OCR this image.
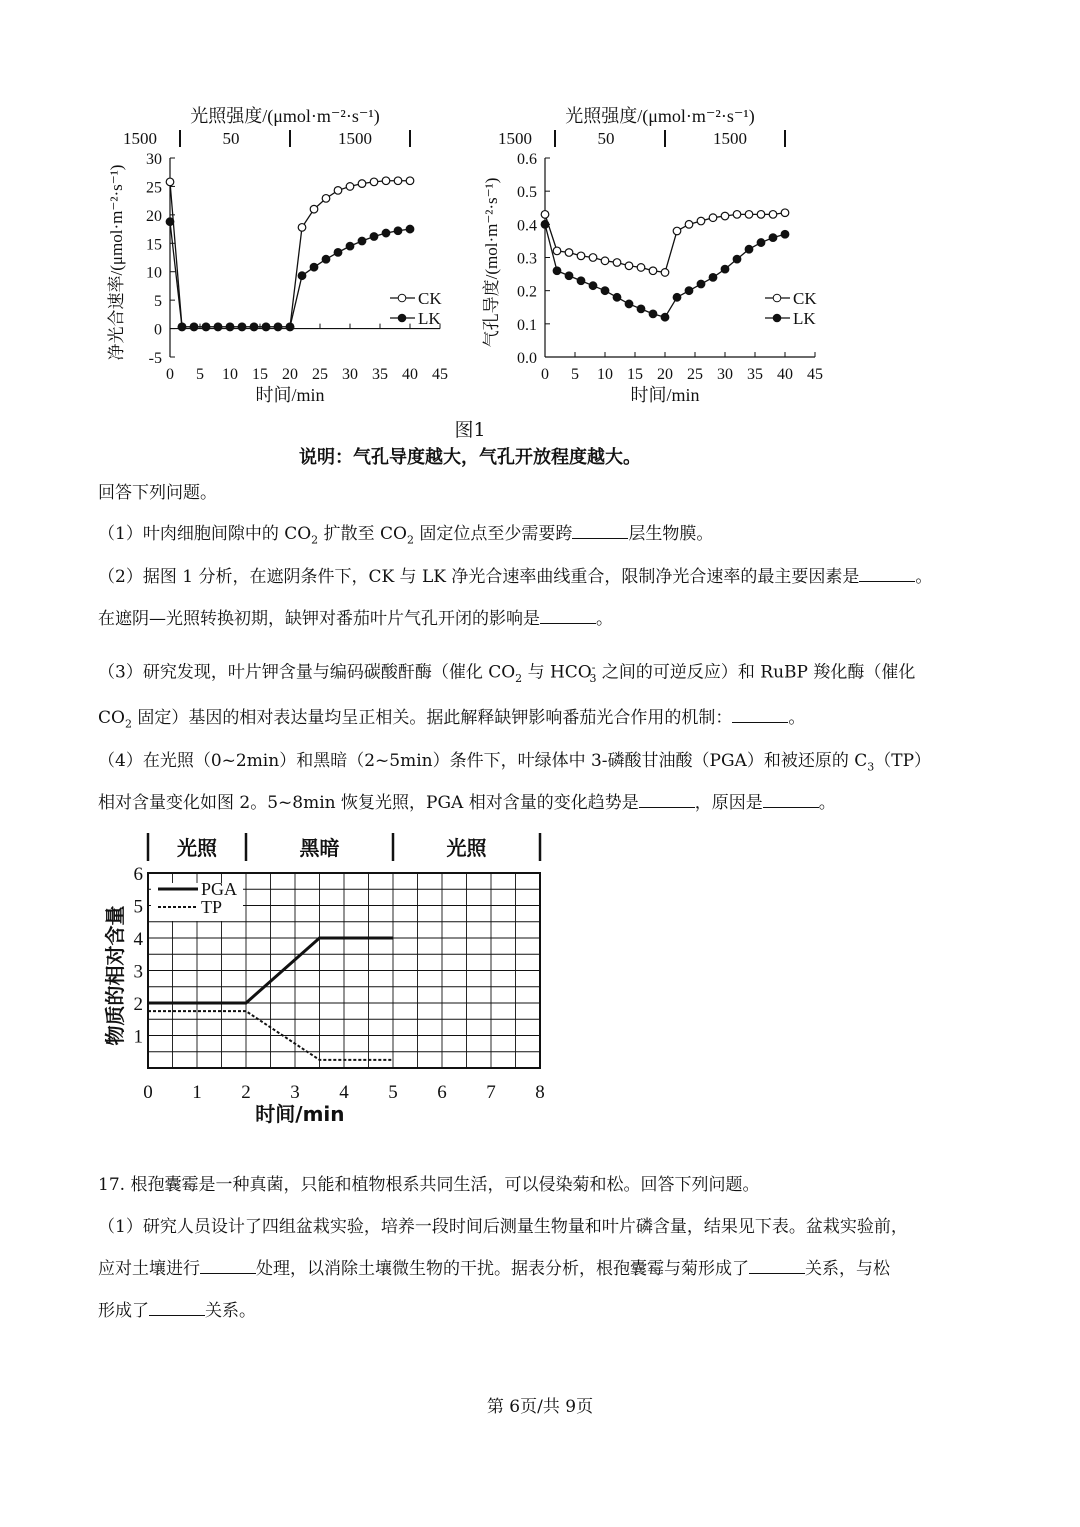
光照强度/(μmol·m⁻²·s⁻¹)
1500	50	1500
-5
0
5
10
15
20
25
30
0 5 10 15 20 25 30 35 40 45
时间/min
净光合速率/(μmol·m⁻²·s⁻¹)	CK
LK
光照强度/(μmol·m⁻²·s⁻¹)
1500	50	1500
0.0
0.1
0.2
0.3
0.4
0.5
0.6
0 5 10 15 20 25 30 35 40 45
时间/min
气孔导度/(mol·m⁻²·s⁻¹)	CK
LK
图1
说明：气孔导度越大，气孔开放程度越大。
回答下列问题。
（1）叶肉细胞间隙中的 $CO_2$ 扩散至 $CO_2$ 固定位点至少需要跨	层生物膜。
（2）据图 1 分析，在遮阴条件下，CK 与 LK 净光合速率曲线重合，限制净光合速率的最主要因素是	。
在遮阴—光照转换初期，缺钾对番茄叶片气孔开闭的影响是	。
（3）研究发现，叶片钾含量与编码碳酸酐酶（催化 $CO_2$ 与 $HCO^-_3$ 之间的可逆反应）和 RuBP 羧化酶（催化
$CO_2$ 固定）基因的相对表达量均呈正相关。据此解释缺钾影响番茄光合作用的机制：	。
（4）在光照（0~2min）和黑暗（2~5min）条件下，叶绿体中 3-磷酸甘油酸（PGA）和被还原的 $C_3(TP)$
相对含量变化如图 2。5~8min 恢复光照，PGA 相对含量的变化趋势是	，原因是	。
光照	黑暗	光照
1
2
3
4
5
6
0 1 2 3 4 5 6 7 8
时间/min
物质的相对含量
PGA
TP
17. 根孢囊霉是一种真菌，只能和植物根系共同生活，可以侵染菊和松。回答下列问题。
（1）研究人员设计了四组盆栽实验，培养一段时间后测量生物量和叶片磷含量，结果见下表。盆栽实验前，
应对土壤进行	处理，以消除土壤微生物的干扰。据表分析，根孢囊霉与菊形成了	关系，与松
形成了	关系。
第 6页/共 9页
